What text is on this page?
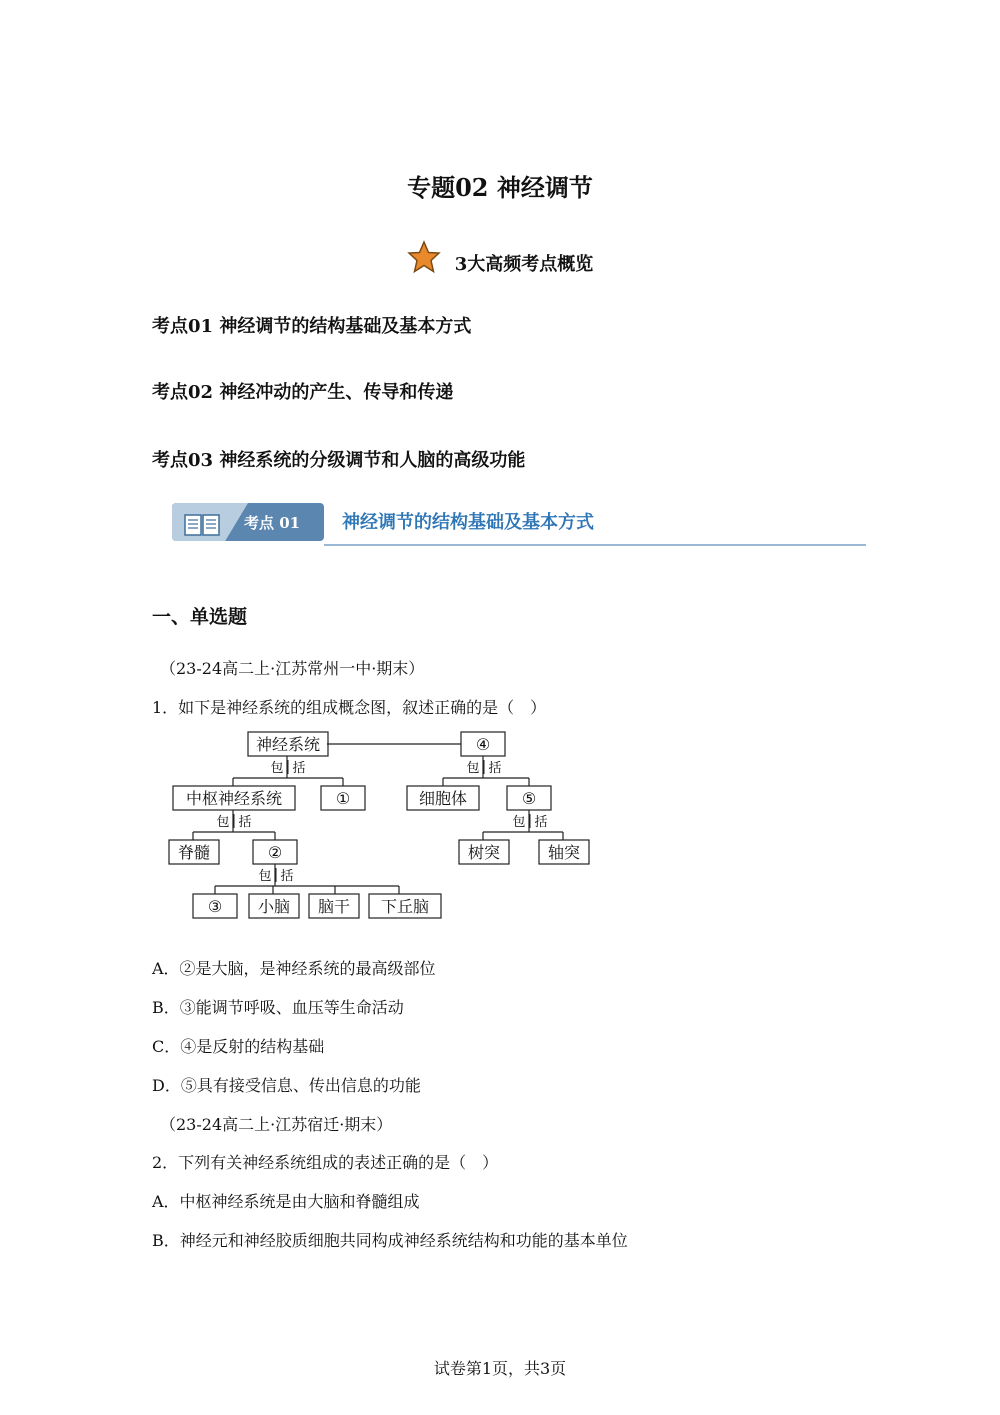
专题02 神经调节
3大高频考点概览
考点01 神经调节的结构基础及基本方式
考点02 神经冲动的产生、传导和传递
考点03 神经系统的分级调节和人脑的高级功能
考点 01 神经调节的结构基础及基本方式
一、单选题
（23-24高二上·江苏常州一中·期末）
1．如下是神经系统的组成概念图，叙述正确的是（　）
神经系统	④
中枢神经系统	①	细胞体	⑤
脊髓	②	树突	轴突
③ 小脑 脑干 下丘脑
包 括	包 括
包 括	包 括
包 括
A．②是大脑，是神经系统的最高级部位
B．③能调节呼吸、血压等生命活动
C．④是反射的结构基础
D．⑤具有接受信息、传出信息的功能
（23-24高二上·江苏宿迁·期末）
2．下列有关神经系统组成的表述正确的是（　）
A．中枢神经系统是由大脑和脊髓组成
B．神经元和神经胶质细胞共同构成神经系统结构和功能的基本单位
试卷第1页，共3页
